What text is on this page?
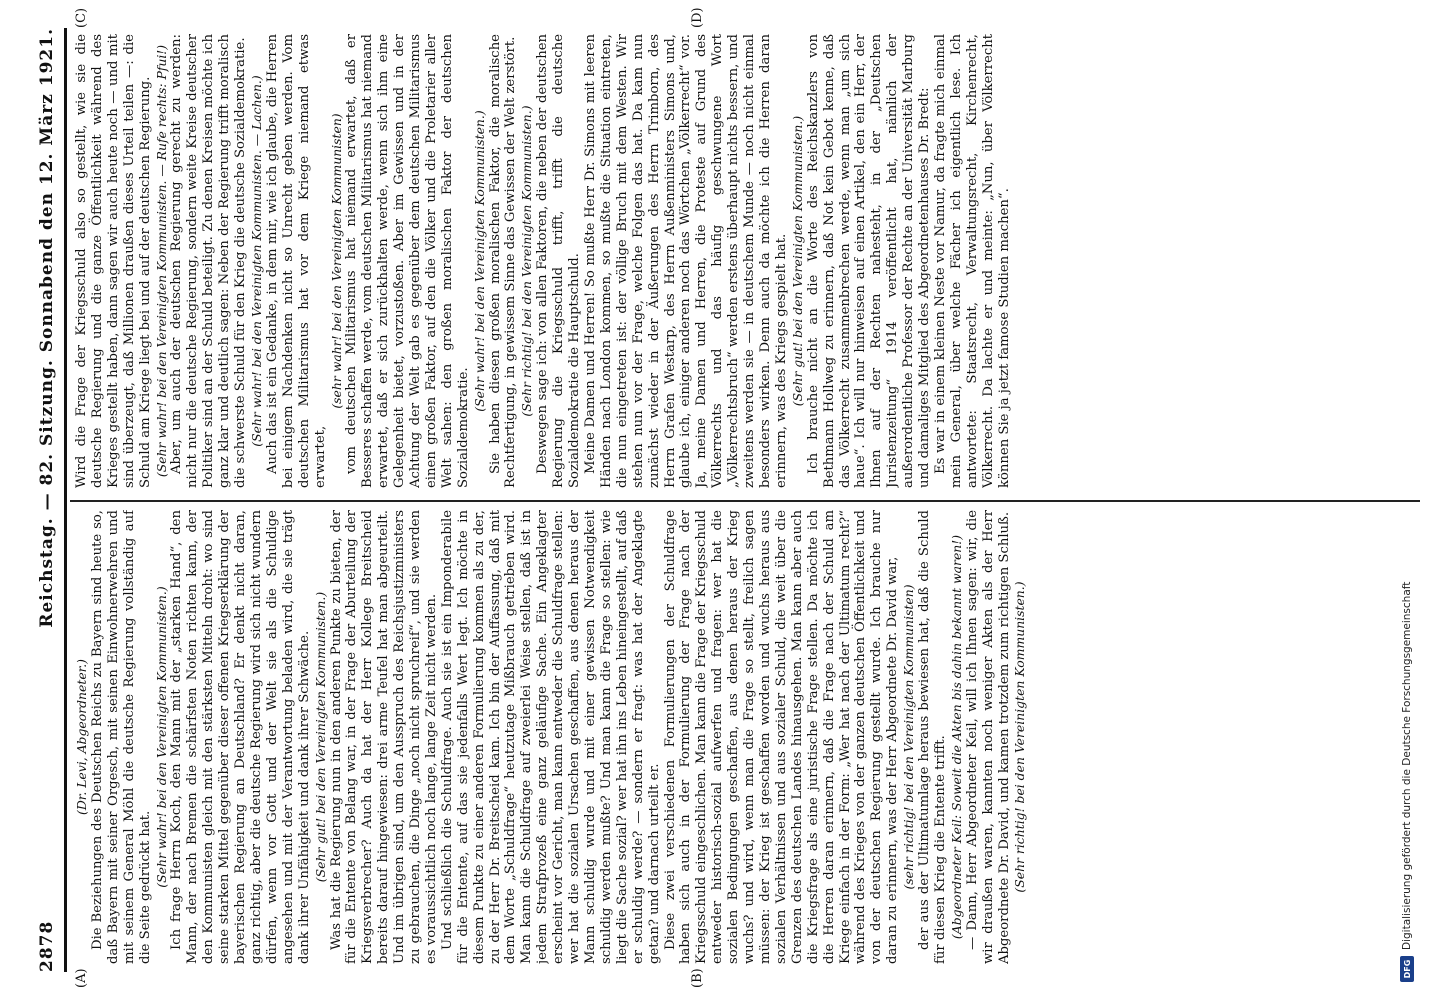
2878
Reichstag. — 82. Sitzung. Sonnabend den 12. März 1921.
(A)	(B)
(C)	(D)

(Dr. Levi, Abgeordneter.) Die Beziehungen des Deutschen Reichs zu Bayern sind heute so, daß Bayern mit seiner Orgesch, mit seinen Einwohnerwehren und mit seinem General Möhl die deutsche Regierung vollständig auf die Seite gedrückt hat. (Sehr wahr! bei den Vereinigten Kommunisten.) Ich frage Herrn Koch, den Mann mit der „starken Hand“, den Mann, der nach Bremen die schärfsten Noten richten kann, der den Kommunisten gleich mit den stärksten Mitteln droht: wo sind seine starken Mittel gegenüber dieser offenen Kriegserklärung der bayerischen Regierung an Deutschland? Er denkt nicht daran, ganz richtig, aber die deutsche Regierung wird sich nicht wundern dürfen, wenn vor Gott und der Welt sie als die Schuldige angesehen und mit der Verantwortung beladen wird, die sie trägt dank ihrer Unfähigkeit und dank ihrer Schwäche. (Sehr gut! bei den Vereinigten Kommunisten.) Was hat die Regierung nun in den anderen Punkte zu bieten, der für die Entente von Belang war, in der Frage der Aburteilung der Kriegsverbrecher? Auch da hat der Herr Kollege Breitscheid bereits darauf hingewiesen: drei arme Teufel hat man abgeurteilt. Und im übrigen sind, um den Ausspruch des Reichsjustizministers zu gebrauchen, die Dinge „noch nicht spruchreif“, und sie werden es voraussichtlich noch lange, lange Zeit nicht werden. Und schließlich die Schuldfrage. Auch sie ist ein Imponderabile für die Entente, auf das sie jedenfalls Wert legt. Ich möchte in diesem Punkte zu einer anderen Formulierung kommen als zu der, zu der Herr Dr. Breitscheid kam. Ich bin der Auffassung, daß mit dem Worte „Schuldfrage“ heutzutage Mißbrauch getrieben wird. Man kann die Schuldfrage auf zweierlei Weise stellen, daß ist in jedem Strafprozeß eine ganz geläufige Sache. Ein Angeklagter erscheint vor Gericht, man kann entweder die Schuldfrage stellen: wer hat die sozialen Ursachen geschaffen, aus denen heraus der Mann schuldig wurde und mit einer gewissen Notwendigkeit schuldig werden mußte? Und man kann die Frage so stellen: wie liegt die Sache sozial? wer hat ihn ins Leben hineingestellt, auf daß er schuldig werde? — sondern er fragt: was hat der Angeklagte getan? und darnach urteilt er. Diese zwei verschiedenen Formulierungen der Schuldfrage haben sich auch in der Formulierung der Frage nach der Kriegsschuld eingeschlichen. Man kann die Frage der Kriegsschuld entweder historisch-sozial aufwerfen und fragen: wer hat die sozialen Bedingungen geschaffen, aus denen heraus der Krieg wuchs? und wird, wenn man die Frage so stellt, freilich sagen müssen: der Krieg ist geschaffen worden und wuchs heraus aus sozialen Verhältnissen und aus sozialer Schuld, die weit über die Grenzen des deutschen Landes hinausgehen. Man kann aber auch die Kriegsfrage als eine juristische Frage stellen. Da möchte ich die Herren daran erinnern, daß die Frage nach der Schuld am Kriege einfach in der Form: „Wer hat nach der Ultimatum recht?“ während des Krieges von der ganzen deutschen Öffentlichkeit und von der deutschen Regierung gestellt wurde. Ich brauche nur daran zu erinnern, was der Herr Abgeordnete Dr. David war, (sehr richtig! bei den Vereinigten Kommunisten) der aus der Ultimatumlage heraus bewiesen hat, daß die Schuld für diesen Krieg die Entente trifft. (Abgeordneter Keil: Soweit die Akten bis dahin bekannt waren!) — Dann, Herr Abgeordneter Keil, will ich Ihnen sagen: wir, die wir draußen waren, kannten noch weniger Akten als der Herr Abgeordnete Dr. David, und kamen trotzdem zum richtigen Schluß. (Sehr richtig! bei den Vereinigten Kommunisten.)

Wird die Frage der Kriegsschuld also so gestellt, wie sie die deutsche Regierung und die ganze Öffentlichkeit während des Krieges gestellt haben, dann sagen wir auch heute noch — und mit sind überzeugt, daß Millionen draußen dieses Urteil teilen —: die Schuld am Kriege liegt bei und auf der deutschen Regierung. (Sehr wahr! bei den Vereinigten Kommunisten. — Rufe rechts: Pfui!) Aber, um auch der deutschen Regierung gerecht zu werden: nicht nur die deutsche Regierung, sondern weite Kreise deutscher Politiker sind an der Schuld beteiligt. Zu denen Kreisen möchte ich ganz klar und deutlich sagen: Neben der Regierung trifft moralisch die schwerste Schuld für den Krieg die deutsche Sozialdemokratie. (Sehr wahr! bei den Vereinigten Kommunisten. — Lachen.) Auch das ist ein Gedanke, in dem mir, wie ich glaube, die Herren bei einigem Nachdenken nicht so Unrecht geben werden. Vom deutschen Militarismus hat vor dem Kriege niemand etwas erwartet,

(sehr wahr! bei den Vereinigten Kommunisten) vom deutschen Militarismus hat niemand erwartet, daß er Besseres schaffen werde, vom deutschen Militarismus hat niemand erwartet, daß er sich zurückhalten werde, wenn sich ihm eine Gelegenheit bietet, vorzustoßen. Aber im Gewissen und in der Achtung der Welt gab es gegenüber dem deutschen Militarismus einen großen Faktor, auf den die Völker und die Proletarier aller Welt sahen: den großen moralischen Faktor der deutschen Sozialdemokratie.

(Sehr wahr! bei den Vereinigten Kommunisten.) Sie haben diesen großen moralischen Faktor, die moralische Rechtfertigung, in gewissem Sinne das Gewissen der Welt zerstört. (Sehr richtig! bei den Vereinigten Kommunisten.) Deswegen sage ich: von allen Faktoren, die neben der deutschen Regierung die Kriegsschuld trifft, trifft die deutsche Sozialdemokratie die Hauptschuld. Meine Damen und Herren! So mußte Herr Dr. Simons mit leeren Händen nach London kommen, so mußte die Situation eintreten, die nun eingetreten ist: der völlige Bruch mit dem Westen. Wir stehen nun vor der Frage, welche Folgen das hat. Da kam nun zunächst wieder in der Äußerungen des Herrn Trimborn, des Herrn Grafen Westarp, des Herrn Außenministers Simons und, glaube ich, einiger anderen noch das Wörtchen „Völkerrecht“ vor. Ja, meine Damen und Herren, die Proteste auf Grund des Völkerrechts und das häufig geschwungene Wort „Völkerrechtsbruch“ werden erstens überhaupt nichts bessern, und zweitens werden sie — in deutschem Munde — noch nicht einmal besonders wirken. Denn auch da möchte ich die Herren daran erinnern, was des Kriegs gespielt hat. (Sehr gut! bei den Vereinigten Kommunisten.) Ich brauche nicht an die Worte des Reichskanzlers von Bethmann Hollweg zu erinnern, daß Not kein Gebot kenne, daß das Völkerrecht zusammenbrechen werde, wenn man „um sich haue“. Ich will nur hinweisen auf einen Artikel, den ein Herr, der Ihnen auf der Rechten nahesteht, in der „Deutschen Juristenzeitung“ 1914 veröffentlicht hat, nämlich der außerordentliche Professor der Rechte an der Universität Marburg und damaliges Mitglied des Abgeordnetenhauses Dr. Bredt: Es war in einem kleinen Neste vor Namur, da fragte mich einmal mein General, über welche Fächer ich eigentlich lese. Ich antwortete: Staatsrecht, Verwaltungsrecht, Kirchenrecht, Völkerrecht. Da lachte er und meinte: „Nun, über Völkerrecht können Sie ja jetzt famose Studien machen“.

DFG
Digitalisierung gefördert durch die Deutsche Forschungsgemeinschaft
